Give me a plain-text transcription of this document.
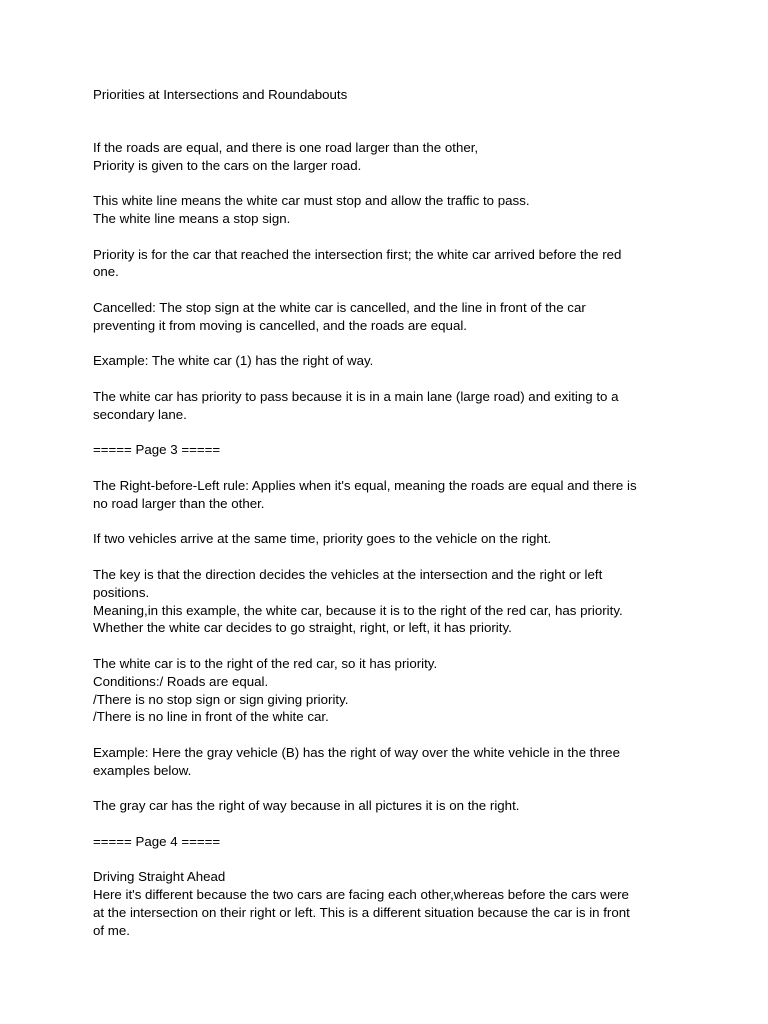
Priorities at Intersections and Roundabouts

If the roads are equal, and there is one road larger than the other,
Priority is given to the cars on the larger road.

This white line means the white car must stop and allow the traffic to pass.
The white line means a stop sign.

Priority is for the car that reached the intersection first; the white car arrived before the red
one.

Cancelled: The stop sign at the white car is cancelled, and the line in front of the car
preventing it from moving is cancelled, and the roads are equal.

Example: The white car (1) has the right of way.

The white car has priority to pass because it is in a main lane (large road) and exiting to a
secondary lane.

===== Page 3 =====

The Right-before-Left rule: Applies when it's equal, meaning the roads are equal and there is
no road larger than the other.

If two vehicles arrive at the same time, priority goes to the vehicle on the right.

The key is that the direction decides the vehicles at the intersection and the right or left
positions.
Meaning,in this example, the white car, because it is to the right of the red car, has priority.
Whether the white car decides to go straight, right, or left, it has priority.

The white car is to the right of the red car, so it has priority.
Conditions:/ Roads are equal.
/There is no stop sign or sign giving priority.
/There is no line in front of the white car.

Example: Here the gray vehicle (B) has the right of way over the white vehicle in the three
examples below.

The gray car has the right of way because in all pictures it is on the right.

===== Page 4 =====

Driving Straight Ahead
Here it's different because the two cars are facing each other,whereas before the cars were
at the intersection on their right or left. This is a different situation because the car is in front
of me.
